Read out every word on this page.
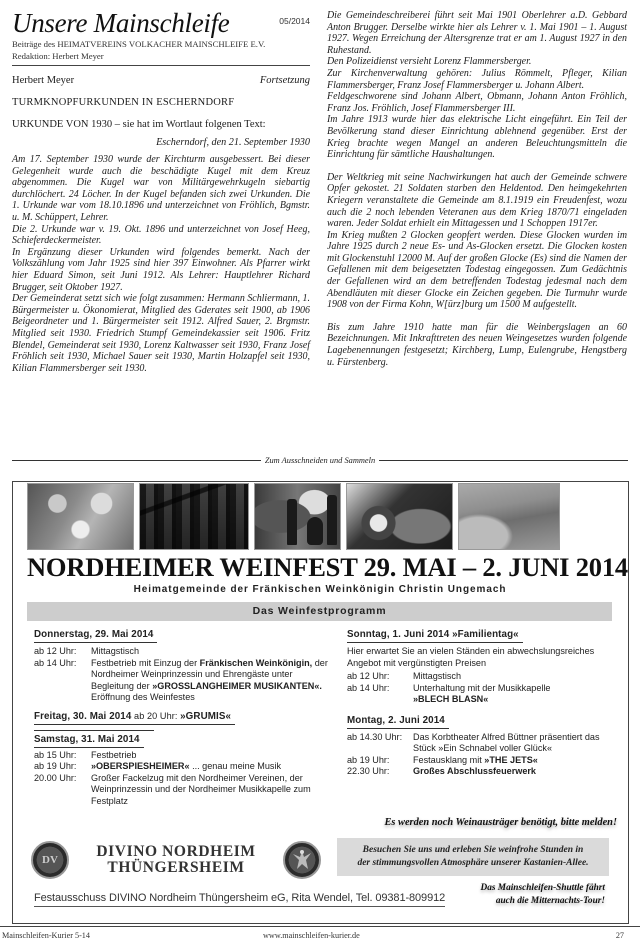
Unsere Mainschleife	05/2014
Beiträge des HEIMATVEREINS VOLKACHER MAINSCHLEIFE E.V.
Redaktion: Herbert Meyer
Herbert Meyer	Fortsetzung
TURMKNOPFURKUNDEN IN ESCHERNDORF
URKUNDE VON 1930 – sie hat im Wortlaut folgenen Text:
Escherndorf, den 21. September 1930

Am 17. September 1930 wurde der Kirchturm ausgebessert. Bei dieser Gelegenheit wurde auch die beschädigte Kugel mit dem Kreuz abgenommen. Die Kugel war von Militärgewehrkugeln siebartig durchlöchert. 24 Löcher. In der Kugel befanden sich zwei Urkunden. Die 1. Urkunde war vom 18.10.1896 und unterzeichnet von Fröhlich, Bgmstr. u. M. Schüppert, Lehrer.

Die 2. Urkunde war v. 19. Okt. 1896 und unterzeichnet von Josef Heeg, Schieferdeckermeister.

In Ergänzung dieser Urkunden wird folgendes bemerkt. Nach der Volkszählung vom Jahr 1925 sind hier 397 Einwohner. Als Pfarrer wirkt hier Eduard Simon, seit Juni 1912. Als Lehrer: Hauptlehrer Richard Brugger, seit Oktober 1927.

Der Gemeinderat setzt sich wie folgt zusammen: Hermann Schliermann, 1. Bürgermeister u. Ökonomierat, Mitglied des Gderates seit 1900, ab 1906 Beigeordneter und 1. Bürgermeister seit 1912. Alfred Sauer, 2. Brgmstr. Mitglied seit 1930. Friedrich Stumpf Gemeindekassier seit 1906. Fritz Blendel, Gemeinderat seit 1930, Lorenz Kaltwasser seit 1930, Franz Josef Fröhlich seit 1930, Michael Sauer seit 1930, Martin Holzapfel seit 1930, Kilian Flammersberger seit 1930.

Die Gemeindeschreiberei führt seit Mai 1901 Oberlehrer a.D. Gebbard Anton Brugger. Derselbe wirkte hier als Lehrer v. 1. Mai 1901 – 1. August 1927. Wegen Erreichung der Altersgrenze trat er am 1. August 1927 in den Ruhestand.

Den Polizeidienst versieht Lorenz Flammersberger.

Zur Kirchenverwaltung gehören: Julius Römmelt, Pfleger, Kilian Flammersberger, Franz Josef Flammersberger u. Johann Albert.

Feldgeschworene sind Johann Albert, Obmann, Johann Anton Fröhlich, Franz Jos. Fröhlich, Josef Flammersberger III.

Im Jahre 1913 wurde hier das elektrische Licht eingeführt. Ein Teil der Bevölkerung stand dieser Einrichtung ablehnend gegenüber. Erst der Krieg brachte wegen Mangel an anderen Beleuchtungsmitteln die Einrichtung für sämtliche Haushaltungen.

Der Weltkrieg mit seine Nachwirkungen hat auch der Gemeinde schwere Opfer gekostet. 21 Soldaten starben den Heldentod. Den heimgekehrten Kriegern veranstaltete die Gemeinde am 8.1.1919 ein Freudenfest, wozu auch die 2 noch lebenden Veteranen aus dem Krieg 1870/71 eingeladen waren. Jeder Soldat erhielt ein Mittagessen und 1 Schoppen 1917er.

Im Krieg mußten 2 Glocken geopfert werden. Diese Glocken wurden im Jahre 1925 durch 2 neue Es- und As-Glocken ersetzt. Die Glocken kosten mit Glockenstuhl 12000 M. Auf der großen Glocke (Es) sind die Namen der Gefallenen mit dem beigesetzten Todestag eingegossen. Zum Gedächtnis der Gefallenen wird an dem betreffenden Todestag jedesmal nach dem Abendläuten mit dieser Glocke ein Zeichen gegeben. Die Turmuhr wurde 1908 von der Firma Kohn, W[ürz]burg um 1500 M aufgestellt.

Bis zum Jahre 1910 hatte man für die Weinbergslagen an 60 Bezeichnungen. Mit Inkrafttreten des neuen Weingesetzes wurden folgende Lagebenennungen festgesetzt; Kirchberg, Lump, Eulengrube, Hengstberg u. Fürstenberg.

Zum Ausschneiden und Sammeln
NORDHEIMER WEINFEST 29. MAI – 2. JUNI 2014
Heimatgemeinde der Fränkischen Weinkönigin Christin Ungemach
Das Weinfestprogramm
Donnerstag, 29. Mai 2014
ab 12 Uhr:	Mittagstisch
ab 14 Uhr:	Festbetrieb mit Einzug der Fränkischen Weinkönigin, der Nordheimer Weinprinzessin und Ehrengäste unter Begleitung der »GROSSLANGHEIMER MUSIKANTEN«.
Eröffnung des Weinfestes
Freitag, 30. Mai 2014 ab 20 Uhr: »GRUMIS«
Samstag, 31. Mai 2014
ab 15 Uhr:	Festbetrieb
ab 19 Uhr:	»OBERSPIESHEIMER« ... genau meine Musik
20.00 Uhr:	Großer Fackelzug mit den Nordheimer Vereinen, der Weinprinzessin und der Nordheimer Musikkapelle zum Festplatz
Sonntag, 1. Juni 2014 »Familientag«
Hier erwartet Sie an vielen Ständen ein abwechslungsreiches Angebot mit vergünstigten Preisen
ab 12 Uhr:	Mittagstisch
ab 14 Uhr:	Unterhaltung mit der Musikkapelle
»BLECH BLASN«
Montag, 2. Juni 2014
ab 14.30 Uhr:	Das Korbtheater Alfred Büttner präsentiert das Stück »Ein Schnabel voller Glück«
ab 19 Uhr:	Festausklang mit »THE JETS«
22.30 Uhr:	Großes Abschlussfeuerwerk
Es werden noch Weinausträger benötigt, bitte melden!
DV	DIVINO NORDHEIM
THÜNGERSHEIM
Besuchen Sie uns und erleben Sie weinfrohe Stunden in
der stimmungsvollen Atmosphäre unserer Kastanien-Allee.
Festausschuss DIVINO Nordheim Thüngersheim eG, Rita Wendel, Tel. 09381-809912
Das Mainschleifen-Shuttle fährt
auch die Mitternachts-Tour!
Mainschleifen-Kurier 5-14	www.mainschleifen-kurier.de	27
